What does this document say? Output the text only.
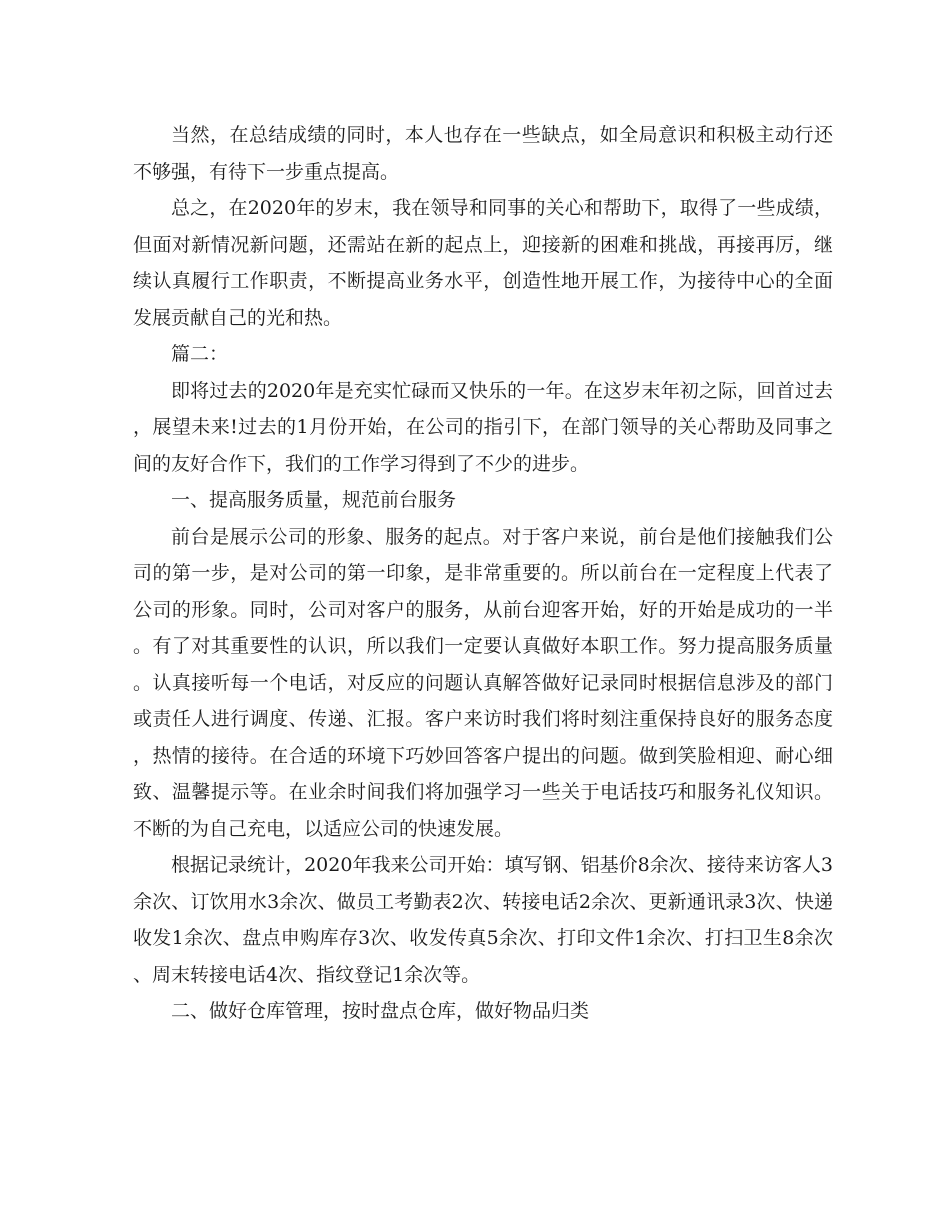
当然，在总结成绩的同时，本人也存在一些缺点，如全局意识和积极主动行还不够强，有待下一步重点提高。

总之，在2020年的岁末，我在领导和同事的关心和帮助下，取得了一些成绩，但面对新情况新问题，还需站在新的起点上，迎接新的困难和挑战，再接再厉，继续认真履行工作职责，不断提高业务水平，创造性地开展工作，为接待中心的全面发展贡献自己的光和热。

篇二：

即将过去的2020年是充实忙碌而又快乐的一年。在这岁末年初之际，回首过去，展望未来!过去的1月份开始，在公司的指引下，在部门领导的关心帮助及同事之间的友好合作下，我们的工作学习得到了不少的进步。

一、提高服务质量，规范前台服务

前台是展示公司的形象、服务的起点。对于客户来说，前台是他们接触我们公司的第一步，是对公司的第一印象，是非常重要的。所以前台在一定程度上代表了公司的形象。同时，公司对客户的服务，从前台迎客开始，好的开始是成功的一半。有了对其重要性的认识，所以我们一定要认真做好本职工作。努力提高服务质量。认真接听每一个电话，对反应的问题认真解答做好记录同时根据信息涉及的部门或责任人进行调度、传递、汇报。客户来访时我们将时刻注重保持良好的服务态度，热情的接待。在合适的环境下巧妙回答客户提出的问题。做到笑脸相迎、耐心细致、温馨提示等。在业余时间我们将加强学习一些关于电话技巧和服务礼仪知识。不断的为自己充电，以适应公司的快速发展。

根据记录统计，2020年我来公司开始：填写钢、铝基价8余次、接待来访客人3余次、订饮用水3余次、做员工考勤表2次、转接电话2余次、更新通讯录3次、快递收发1余次、盘点申购库存3次、收发传真5余次、打印文件1余次、打扫卫生8余次、周末转接电话4次、指纹登记1余次等。

二、做好仓库管理，按时盘点仓库，做好物品归类
